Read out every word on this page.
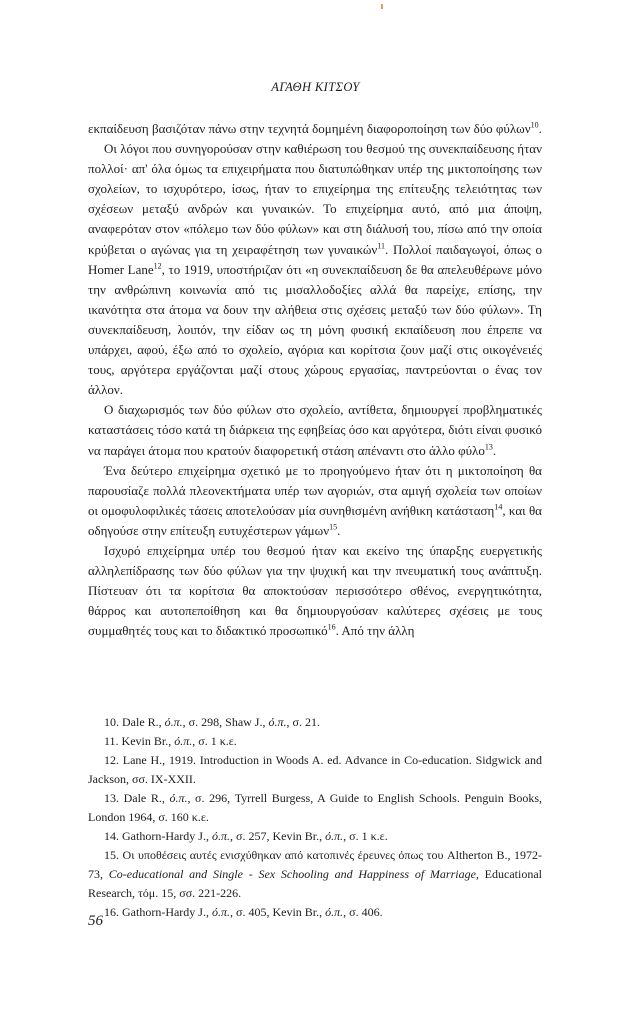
ΑΓΑΘΗ ΚΙΤΣΟΥ

εκπαίδευση βασιζόταν πάνω στην τεχνητά δομημένη διαφοροποίηση των δύο φύλων$^{10}$.

Οι λόγοι που συνηγορούσαν στην καθιέρωση του θεσμού της συνεκπαίδευσης ήταν πολλοί· απ' όλα όμως τα επιχειρήματα που διατυπώθηκαν υπέρ της μικτοποίησης των σχολείων, το ισχυρότερο, ίσως, ήταν το επιχείρημα της επίτευξης τελειότητας των σχέσεων μεταξύ ανδρών και γυναικών. Το επιχείρημα αυτό, από μια άποψη, αναφερόταν στον «πόλεμο των δύο φύλων» και στη διάλυσή του, πίσω από την οποία κρύβεται ο αγώνας για τη χειραφέτηση των γυναικών$^{11}$. Πολλοί παιδαγωγοί, όπως ο Homer Lane$^{12}$, το 1919, υποστήριζαν ότι «η συνεκπαίδευση δε θα απελευθέρωνε μόνο την ανθρώπινη κοινωνία από τις μισαλλοδοξίες αλλά θα παρείχε, επίσης, την ικανότητα στα άτομα να δουν την αλήθεια στις σχέσεις μεταξύ των δύο φύλων». Τη συνεκπαίδευση, λοιπόν, την είδαν ως τη μόνη φυσική εκπαίδευση που έπρεπε να υπάρχει, αφού, έξω από το σχολείο, αγόρια και κορίτσια ζουν μαζί στις οικογένειές τους, αργότερα εργάζονται μαζί στους χώρους εργασίας, παντρεύονται ο ένας τον άλλον.

Ο διαχωρισμός των δύο φύλων στο σχολείο, αντίθετα, δημιουργεί προβληματικές καταστάσεις τόσο κατά τη διάρκεια της εφηβείας όσο και αργότερα, διότι είναι φυσικό να παράγει άτομα που κρατούν διαφορετική στάση απέναντι στο άλλο φύλο$^{13}$.

Ένα δεύτερο επιχείρημα σχετικό με το προηγούμενο ήταν ότι η μικτοποίηση θα παρουσίαζε πολλά πλεονεκτήματα υπέρ των αγοριών, στα αμιγή σχολεία των οποίων οι ομοφυλοφιλικές τάσεις αποτελούσαν μία συνηθισμένη ανήθικη κατάσταση$^{14}$, και θα οδηγούσε στην επίτευξη ευτυχέστερων γάμων$^{15}$.

Ισχυρό επιχείρημα υπέρ του θεσμού ήταν και εκείνο της ύπαρξης ευεργετικής αλληλεπίδρασης των δύο φύλων για την ψυχική και την πνευματική τους ανάπτυξη. Πίστευαν ότι τα κορίτσια θα αποκτούσαν περισσότερο σθένος, ενεργητικότητα, θάρρος και αυτοπεποίθηση και θα δημιουργούσαν καλύτερες σχέσεις με τους συμμαθητές τους και το διδακτικό προσωπικό$^{16}$. Από την άλλη

10. Dale R., ό.π., σ. 298, Shaw J., ό.π., σ. 21.

11. Kevin Br., ό.π., σ. 1 κ.ε.

12. Lane H., 1919. Introduction in Woods A. ed. Advance in Co-education. Sidgwick and Jackson, σσ. IX-XXII.

13. Dale R., ό.π., σ. 296, Tyrrell Burgess, A Guide to English Schools. Penguin Books, London 1964, σ. 160 κ.ε.

14. Gathorn-Hardy J., ό.π., σ. 257, Kevin Br., ό.π., σ. 1 κ.ε.

15. Οι υποθέσεις αυτές ενισχύθηκαν από κατοπινές έρευνες όπως του Altherton B., 1972-73, Co-educational and Single - Sex Schooling and Happiness of Marriage, Educational Research, τόμ. 15, σσ. 221-226.

16. Gathorn-Hardy J., ό.π., σ. 405, Kevin Br., ό.π., σ. 406.

56
